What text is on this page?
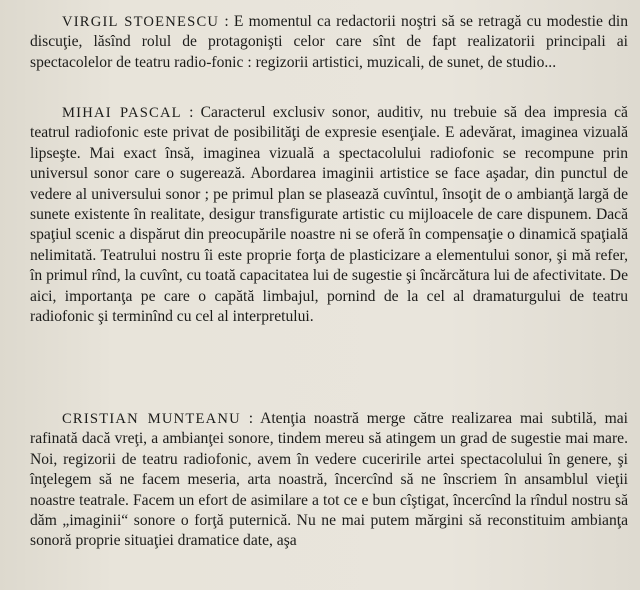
VIRGIL STOENESCU : E momentul ca redactorii noştri să se retragă cu modestie din discuţie, lăsînd rolul de protagonişti celor care sînt de fapt realizatorii principali ai spectacolelor de teatru radio-fonic : regizorii artistici, muzicali, de sunet, de studio...

MIHAI PASCAL : Caracterul exclusiv sonor, auditiv, nu trebuie să dea impresia că teatrul radiofonic este privat de posibilităţi de expresie esenţiale. E adevărat, imaginea vizuală lipseşte. Mai exact însă, imaginea vizuală a spectacolului radiofonic se recompune prin universul sonor care o sugerează. Abordarea imaginii artistice se face aşadar, din punctul de vedere al universului sonor ; pe primul plan se plasează cuvîntul, însoţit de o ambianţă largă de sunete existente în realitate, desigur transfigurate artistic cu mijloacele de care dispunem. Dacă spaţiul scenic a dispărut din preocupările noastre ni se oferă în compensaţie o dinamică spaţială nelimitată. Teatrului nostru îi este proprie forţa de plasticizare a elementului sonor, şi mă refer, în primul rînd, la cuvînt, cu toată capacitatea lui de sugestie şi încărcătura lui de afectivitate. De aici, importanţa pe care o capătă limbajul, pornind de la cel al dramaturgului de teatru radiofonic şi terminînd cu cel al interpretului.

CRISTIAN MUNTEANU : Atenţia noastră merge către realizarea mai subtilă, mai rafinată dacă vreţi, a ambianţei sonore, tindem mereu să atingem un grad de sugestie mai mare. Noi, regizorii de teatru radiofonic, avem în vedere cuceririle artei spectacolului în genere, şi înţelegem să ne facem meseria, arta noastră, încercînd să ne înscriem în ansamblul vieţii noastre teatrale. Facem un efort de asimilare a tot ce e bun cîştigat, încercînd la rîndul nostru să dăm „imaginii“ sonore o forţă puternică. Nu ne mai putem mărgini să reconstituim ambianţa sonoră proprie situaţiei dramatice date, aşa
